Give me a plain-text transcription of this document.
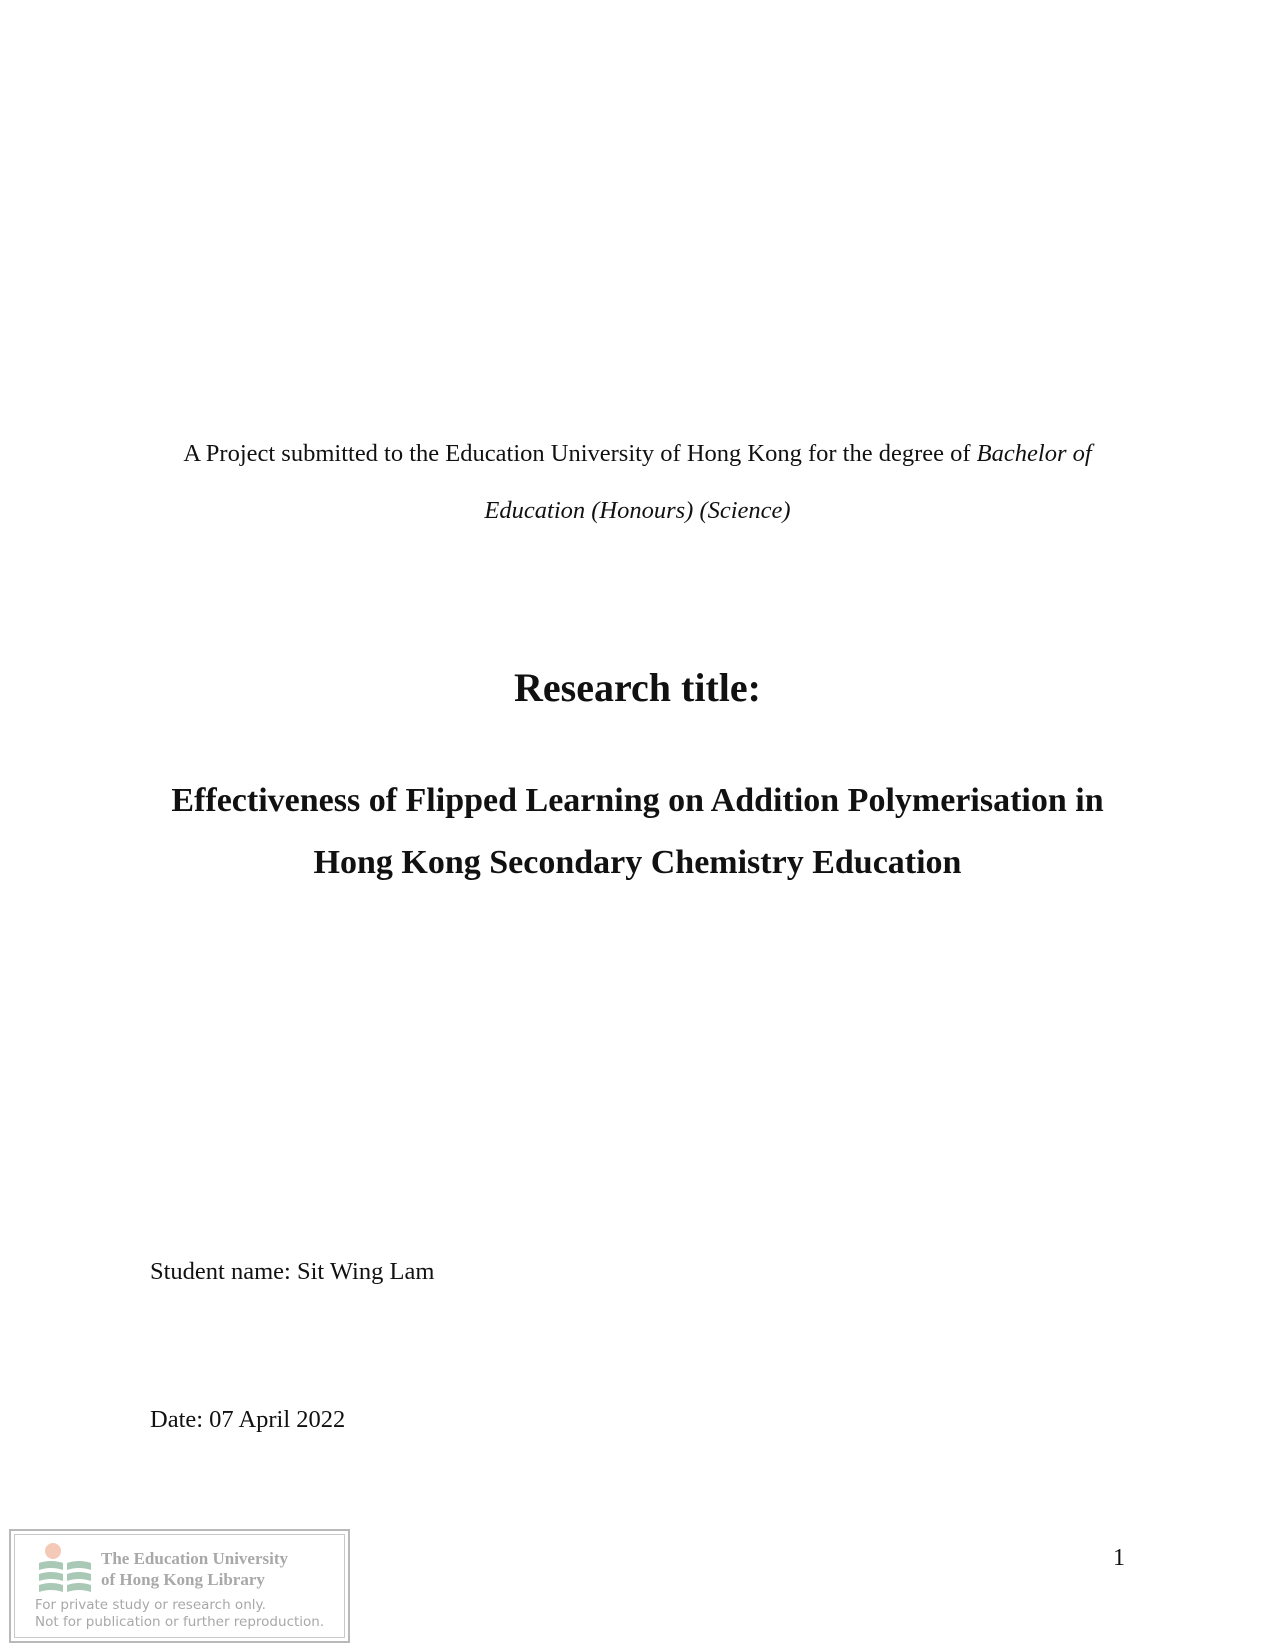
A Project submitted to the Education University of Hong Kong for the degree of Bachelor of Education (Honours) (Science)
Research title:
Effectiveness of Flipped Learning on Addition Polymerisation in
Hong Kong Secondary Chemistry Education
Student name: Sit Wing Lam
Date: 07 April 2022
1
The Education University
of Hong Kong Library
For private study or research only.
Not for publication or further reproduction.
